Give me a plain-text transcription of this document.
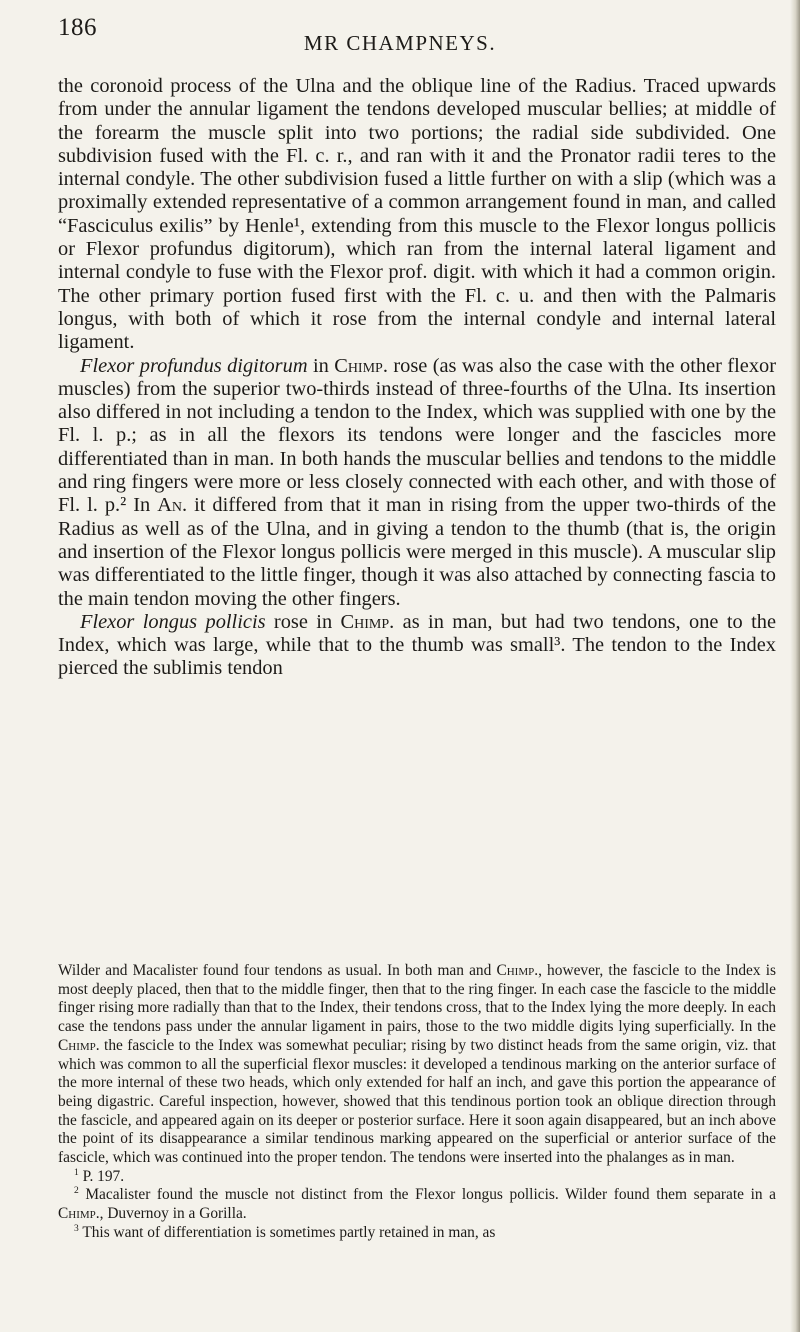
186
MR CHAMPNEYS.

the coronoid process of the Ulna and the oblique line of the Radius. Traced upwards from under the annular ligament the tendons developed muscular bellies; at middle of the forearm the muscle split into two portions; the radial side subdivided. One subdivision fused with the Fl. c. r., and ran with it and the Pronator radii teres to the internal condyle. The other subdivision fused a little further on with a slip (which was a proximally extended representative of a common arrangement found in man, and called “Fasciculus exilis” by Henle¹, extending from this muscle to the Flexor longus pollicis or Flexor profundus digitorum), which ran from the internal lateral ligament and internal condyle to fuse with the Flexor prof. digit. with which it had a common origin. The other primary portion fused first with the Fl. c. u. and then with the Palmaris longus, with both of which it rose from the internal condyle and internal lateral ligament.

Flexor profundus digitorum in Chimp. rose (as was also the case with the other flexor muscles) from the superior two-thirds instead of three-fourths of the Ulna. Its insertion also differed in not including a tendon to the Index, which was supplied with one by the Fl. l. p.; as in all the flexors its tendons were longer and the fascicles more differentiated than in man. In both hands the muscular bellies and tendons to the middle and ring fingers were more or less closely connected with each other, and with those of Fl. l. p.² In An. it differed from that it man in rising from the upper two-thirds of the Radius as well as of the Ulna, and in giving a tendon to the thumb (that is, the origin and insertion of the Flexor longus pollicis were merged in this muscle). A muscular slip was differentiated to the little finger, though it was also attached by connecting fascia to the main tendon moving the other fingers.

Flexor longus pollicis rose in Chimp. as in man, but had two tendons, one to the Index, which was large, while that to the thumb was small³. The tendon to the Index pierced the sublimis tendon

Wilder and Macalister found four tendons as usual. In both man and Chimp., however, the fascicle to the Index is most deeply placed, then that to the middle finger, then that to the ring finger. In each case the fascicle to the middle finger rising more radially than that to the Index, their tendons cross, that to the Index lying the more deeply. In each case the tendons pass under the annular ligament in pairs, those to the two middle digits lying superficially. In the Chimp. the fascicle to the Index was somewhat peculiar; rising by two distinct heads from the same origin, viz. that which was common to all the superficial flexor muscles: it developed a tendinous marking on the anterior surface of the more internal of these two heads, which only extended for half an inch, and gave this portion the appearance of being digastric. Careful inspection, however, showed that this tendinous portion took an oblique direction through the fascicle, and appeared again on its deeper or posterior surface. Here it soon again disappeared, but an inch above the point of its disappearance a similar tendinous marking appeared on the superficial or anterior surface of the fascicle, which was continued into the proper tendon. The tendons were inserted into the phalanges as in man.

$^1$ P. 197.

$^2$ Macalister found the muscle not distinct from the Flexor longus pollicis. Wilder found them separate in a Chimp., Duvernoy in a Gorilla.

$^3$ This want of differentiation is sometimes partly retained in man, as
